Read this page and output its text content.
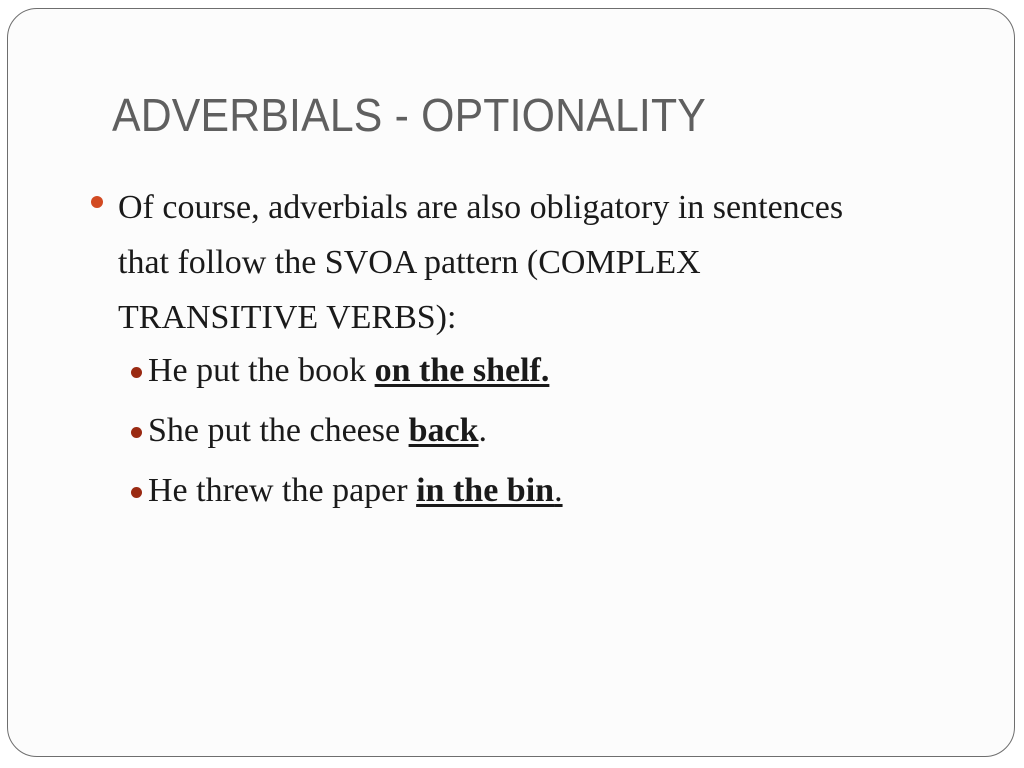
ADVERBIALS - OPTIONALITY
Of course, adverbials are also obligatory in sentences that follow the SVOA pattern (COMPLEX TRANSITIVE VERBS):
He put the book on the shelf.
She put the cheese back.
He threw the paper in the bin.
